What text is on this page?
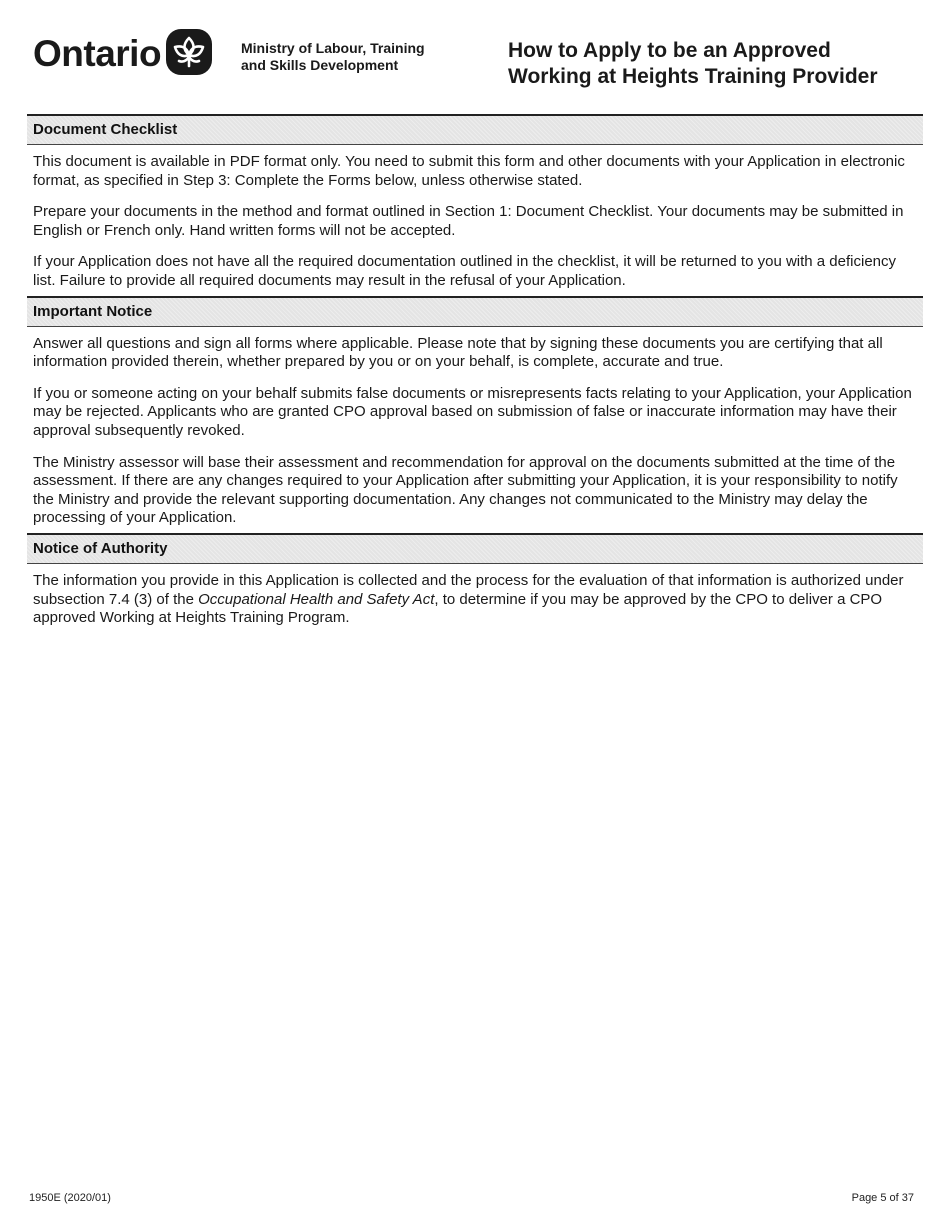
Ontario	Ministry of Labour, Training
and Skills Development
How to Apply to be an Approved
Working at Heights Training Provider
Document Checklist

This document is available in PDF format only. You need to submit this form and other documents with your Application in electronic format, as specified in Step 3: Complete the Forms below, unless otherwise stated.

Prepare your documents in the method and format outlined in Section 1: Document Checklist. Your documents may be submitted in English or French only. Hand written forms will not be accepted.

If your Application does not have all the required documentation outlined in the checklist, it will be returned to you with a deficiency list. Failure to provide all required documents may result in the refusal of your Application.

Important Notice

Answer all questions and sign all forms where applicable. Please note that by signing these documents you are certifying that all information provided therein, whether prepared by you or on your behalf, is complete, accurate and true.

If you or someone acting on your behalf submits false documents or misrepresents facts relating to your Application, your Application may be rejected. Applicants who are granted CPO approval based on submission of false or inaccurate information may have their approval subsequently revoked.

The Ministry assessor will base their assessment and recommendation for approval on the documents submitted at the time of the assessment. If there are any changes required to your Application after submitting your Application, it is your responsibility to notify the Ministry and provide the relevant supporting documentation. Any changes not communicated to the Ministry may delay the processing of your Application.

Notice of Authority

The information you provide in this Application is collected and the process for the evaluation of that information is authorized under subsection 7.4 (3) of the Occupational Health and Safety Act, to determine if you may be approved by the CPO to deliver a CPO approved Working at Heights Training Program.

1950E (2020/01)	Page 5 of 37
